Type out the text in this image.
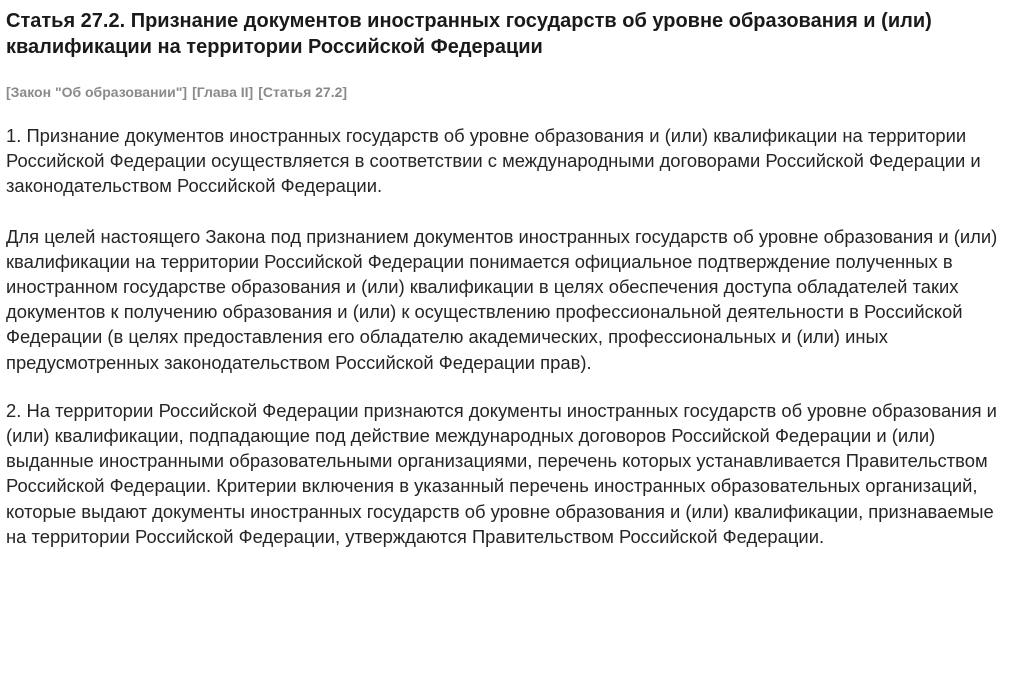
Статья 27.2. Признание документов иностранных государств об уровне образования и (или) квалификации на территории Российской Федерации
[Закон "Об образовании"] [Глава II] [Статья 27.2]

1. Признание документов иностранных государств об уровне образования и (или) квалификации на территории Российской Федерации осуществляется в соответствии с международными договорами Российской Федерации и законодательством Российской Федерации.

Для целей настоящего Закона под признанием документов иностранных государств об уровне образования и (или) квалификации на территории Российской Федерации понимается официальное подтверждение полученных в иностранном государстве образования и (или) квалификации в целях обеспечения доступа обладателей таких документов к получению образования и (или) к осуществлению профессиональной деятельности в Российской Федерации (в целях предоставления его обладателю академических, профессиональных и (или) иных предусмотренных законодательством Российской Федерации прав).

2. На территории Российской Федерации признаются документы иностранных государств об уровне образования и (или) квалификации, подпадающие под действие международных договоров Российской Федерации и (или) выданные иностранными образовательными организациями, перечень которых устанавливается Правительством Российской Федерации. Критерии включения в указанный перечень иностранных образовательных организаций, которые выдают документы иностранных государств об уровне образования и (или) квалификации, признаваемые на территории Российской Федерации, утверждаются Правительством Российской Федерации.
